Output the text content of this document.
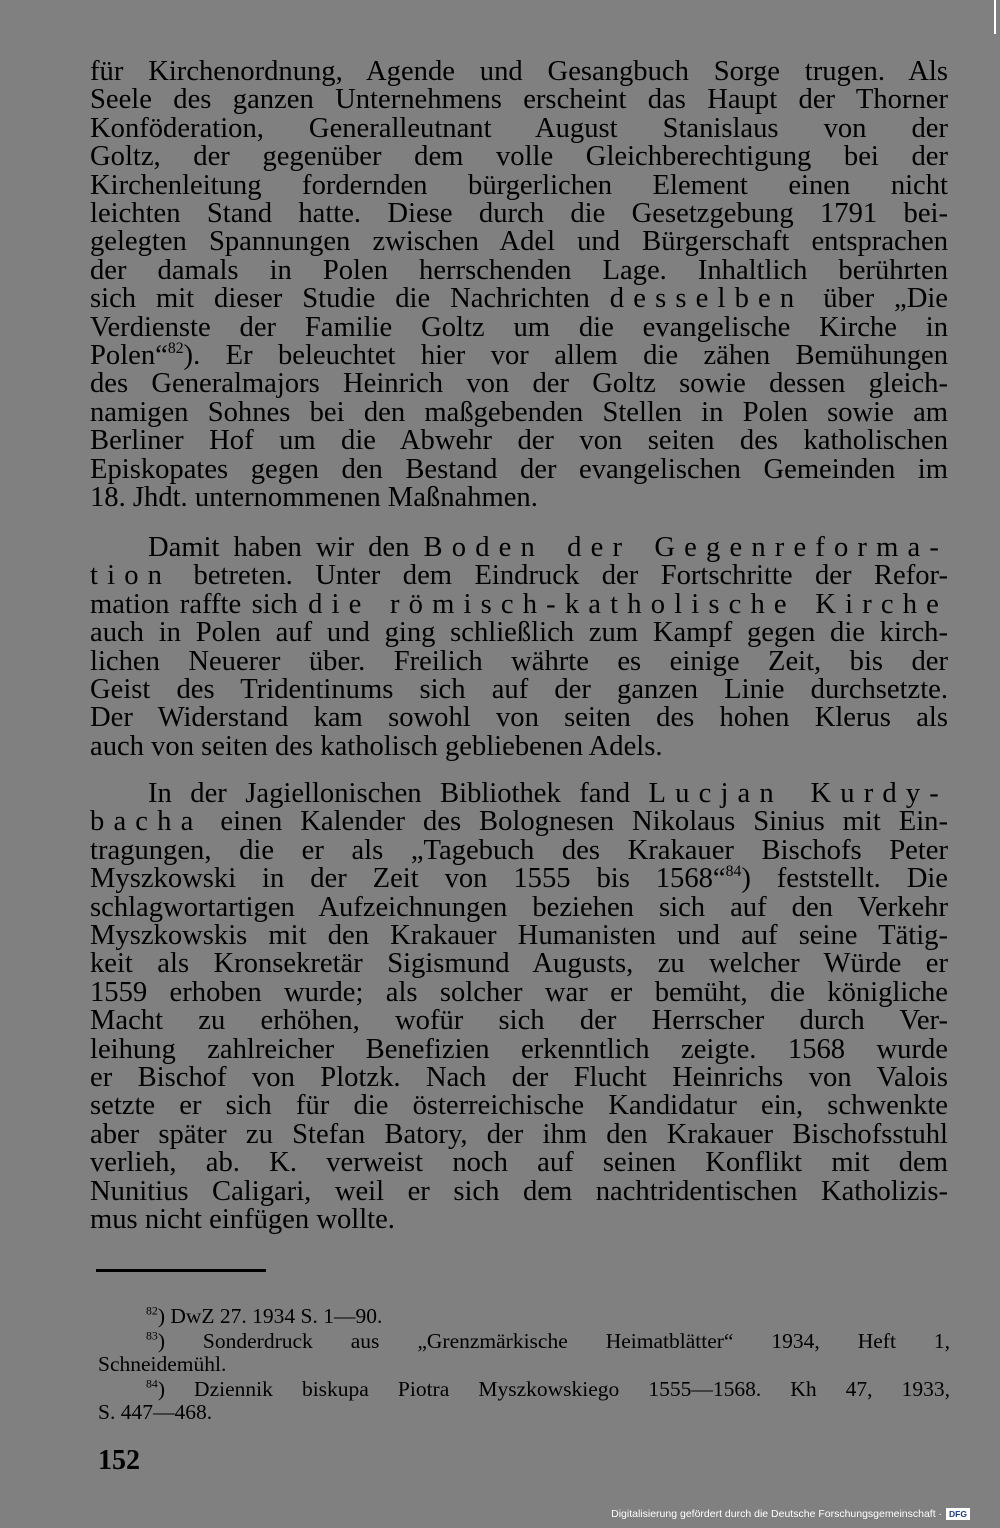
für Kirchenordnung, Agende und Gesangbuch Sorge trugen. Als
Seele des ganzen Unternehmens erscheint das Haupt der Thorner
Konföderation, Generalleutnant August Stanislaus von der
Goltz, der gegenüber dem volle Gleichberechtigung bei der
Kirchenleitung fordernden bürgerlichen Element einen nicht
leichten Stand hatte. Diese durch die Gesetzgebung 1791 bei-
gelegten Spannungen zwischen Adel und Bürgerschaft entsprachen
der damals in Polen herrschenden Lage. Inhaltlich berührten
sich mit dieser Studie die Nachrichten desselben über „Die
Verdienste der Familie Goltz um die evangelische Kirche in
Polen“$^{82}$). Er beleuchtet hier vor allem die zähen Bemühungen
des Generalmajors Heinrich von der Goltz sowie dessen gleich-
namigen Sohnes bei den maßgebenden Stellen in Polen sowie am
Berliner Hof um die Abwehr der von seiten des katholischen
Episkopates gegen den Bestand der evangelischen Gemeinden im
18. Jhdt. unternommenen Maßnahmen.
Damit haben wir den Boden der Gegenreforma-
tion betreten. Unter dem Eindruck der Fortschritte der Refor-
mation raffte sich die römisch-katholische Kirche
auch in Polen auf und ging schließlich zum Kampf gegen die kirch-
lichen Neuerer über. Freilich währte es einige Zeit, bis der
Geist des Tridentinums sich auf der ganzen Linie durchsetzte.
Der Widerstand kam sowohl von seiten des hohen Klerus als
auch von seiten des katholisch gebliebenen Adels.
In der Jagiellonischen Bibliothek fand Lucjan Kurdy-
bacha einen Kalender des Bolognesen Nikolaus Sinius mit Ein-
tragungen, die er als „Tagebuch des Krakauer Bischofs Peter
Myszkowski in der Zeit von 1555 bis 1568“$^{84}$) feststellt. Die
schlagwortartigen Aufzeichnungen beziehen sich auf den Verkehr
Myszkowskis mit den Krakauer Humanisten und auf seine Tätig-
keit als Kronsekretär Sigismund Augusts, zu welcher Würde er
1559 erhoben wurde; als solcher war er bemüht, die königliche
Macht zu erhöhen, wofür sich der Herrscher durch Ver-
leihung zahlreicher Benefizien erkenntlich zeigte. 1568 wurde
er Bischof von Plotzk. Nach der Flucht Heinrichs von Valois
setzte er sich für die österreichische Kandidatur ein, schwenkte
aber später zu Stefan Batory, der ihm den Krakauer Bischofsstuhl
verlieh, ab. K. verweist noch auf seinen Konflikt mit dem
Nunitius Caligari, weil er sich dem nachtridentischen Katholizis-
mus nicht einfügen wollte.
$^{82}$) DwZ 27. 1934 S. 1—90.
$^{83}$) Sonderdruck aus „Grenzmärkische Heimatblätter“ 1934, Heft 1,
Schneidemühl.
$^{84}$) Dziennik biskupa Piotra Myszkowskiego 1555—1568. Kh 47, 1933,
S. 447—468.
152
Digitalisierung gefördert durch die Deutsche Forschungsgemeinschaft · DFG
